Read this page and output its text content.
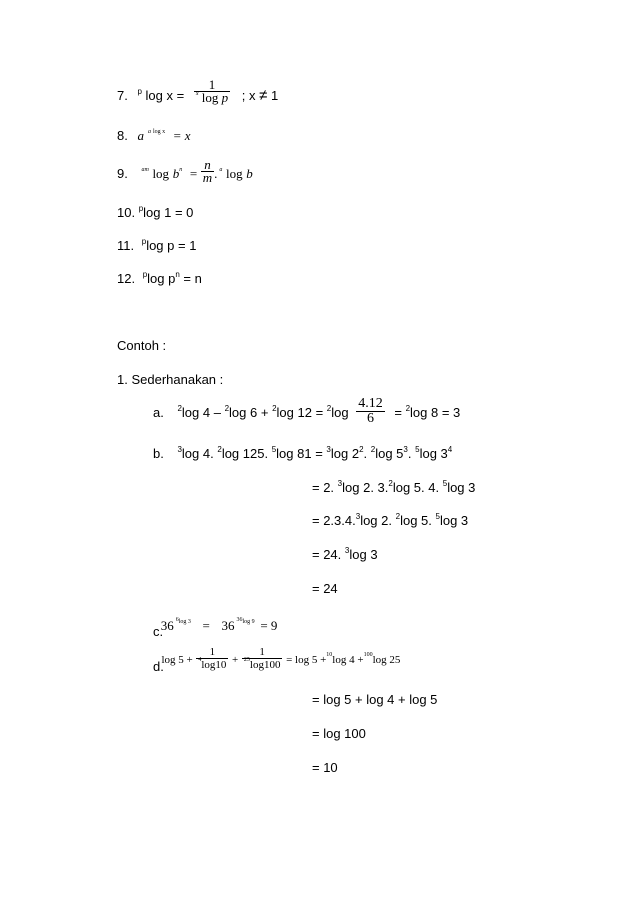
7. $^p$ $\log x = \frac{1}{^x \log p}$ ; x ≠ 1
8. a $^a$ $^{log x}$ = x
9. $^{am}$ $\log b^n = \frac{n}{m}$ . $^a$ log b
10. $^p$log 1 = 0
11. $^p$log p = 1
12. $^p$log $p^n = n$
Contoh :
1. Sederhanakan :
a. $^2$log 4 – $^2$log 6 + $^2$log $12 = ^2\log \frac{4.12}{6} = ^2\log$ 8 = 3
b. $^3$log 4. $^2$log 125. $^5$log 81 = $^3$log $2^2$. $^2$log $5^3$. $^5$log $3^4$
= 2. $^3$log 2. 3.$^2$log 5. 4. $^5$log 3
= 2.3.4.$^3$log 2. $^2$log 5. $^5$log 3
= 24. $^3$log 3
= 24
c. 36 $^{6log 3}$ = 36 $^{36log 9}$ = 9
d. $\log 5 + \frac{1}{^4\log 10} + \frac{1}{^{25}\log 100} = \log 5 +^{10}\log$ 4 +$^{100}$log 25
= log 5 + log 4 + log 5
= log 100
= 10
